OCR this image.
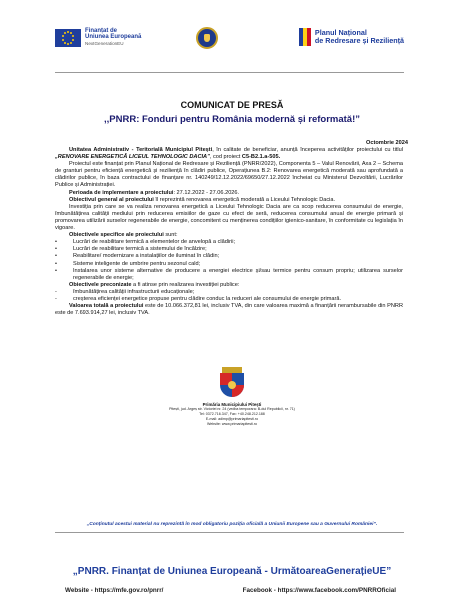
Finanțat de
Uniunea Europeană
NextGenerationEU
Planul Național
de Redresare și Reziliență
COMUNICAT DE PRESĂ
,,PNRR: Fonduri pentru România modernă și reformată!”
Octombrie 2024

Unitatea Administrativ - Teritorială Municipiul Pitești, în calitate de beneficiar, anunță începerea activităților proiectului cu titlul „RENOVARE ENERGETICĂ LICEUL TEHNOLOGIC DACIA”, cod proiect C5-B2.1.a-505.

Proiectul este finanțat prin Planul Național de Redresare și Reziliență (PNRR/2022), Componenta 5 – Valul Renovării, Axa 2 – Schema de granturi pentru eficiență energetică și reziliență în clădiri publice, Operațiunea B.2: Renovarea energetică moderată sau aprofundată a clădirilor publice, în baza contractului de finanțare nr. 140249/12.12.2022/69650/27.12.2022 încheiat cu Ministerul Dezvoltării, Lucrărilor Publice și Administrației.

Perioada de implementare a proiectului: 27.12.2022 - 27.06.2026.

Obiectivul general al proiectului îl reprezintă renovarea energetică moderată a Liceului Tehnologic Dacia.

Investiția prin care se va realiza renovarea energetică a Liceului Tehnologic Dacia are ca scop reducerea consumului de energie, îmbunătățirea calității mediului prin reducerea emisiilor de gaze cu efect de seră, reducerea consumului anual de energie primară și promovarea utilizării surselor regenerabile de energie, concomitent cu menținerea condițiilor igienico-sanitare, în conformitate cu legislația în vigoare.

Obiectivele specifice ale proiectului sunt:

• Lucrări de reabilitare termică a elementelor de anvelopă a clădirii;
• Lucrări de reabilitare termică a sistemului de încălzire;
• Reabilitare/ modernizare a instalațiilor de iluminat în clădin;
• Sisteme inteligente de umbrire pentru sezonul cald;
• Instalarea unor sisteme alternative de producere a energiei electrice și/sau termice pentru consum propriu; utilizarea surselor regenerabile de energie;

Obiectivele preconizate a fi atinse prin realizarea investiției publice:

- îmbunătățirea calității infrastructurii educaționale;
- creșterea eficienței energetice propuse pentru clădire conduc la reduceri ale consumului de energie primară.

Valoarea totală a proiectului este de 10.066.372,81 lei, inclusiv TVA, din care valoarea maximă a finanțării nerambursabile din PNRR este de 7.693.914,27 lei, inclusiv TVA.

Primăria Municipiului Pitești
Pitești, jud. Argeș str. Victoriei nr. 24 (vedba temporara: B-dul Republicii, nr. 71)
Tel: 0372.716.347, Fax: +40.248.212.188
E-mail: adimp@primariapitesti.ro
Website: www.primariapitesti.ro
„Conținutul acestui material nu reprezintă în mod obligatoriu poziția oficială a Uniunii Europene sau a Guvernului României”.
„PNRR. Finanțat de Uniunea Europeană - UrmătoareaGenerațieUE”
Website - https://mfe.gov.ro/pnrr/	Facebook - https://www.facebook.com/PNRROficial
